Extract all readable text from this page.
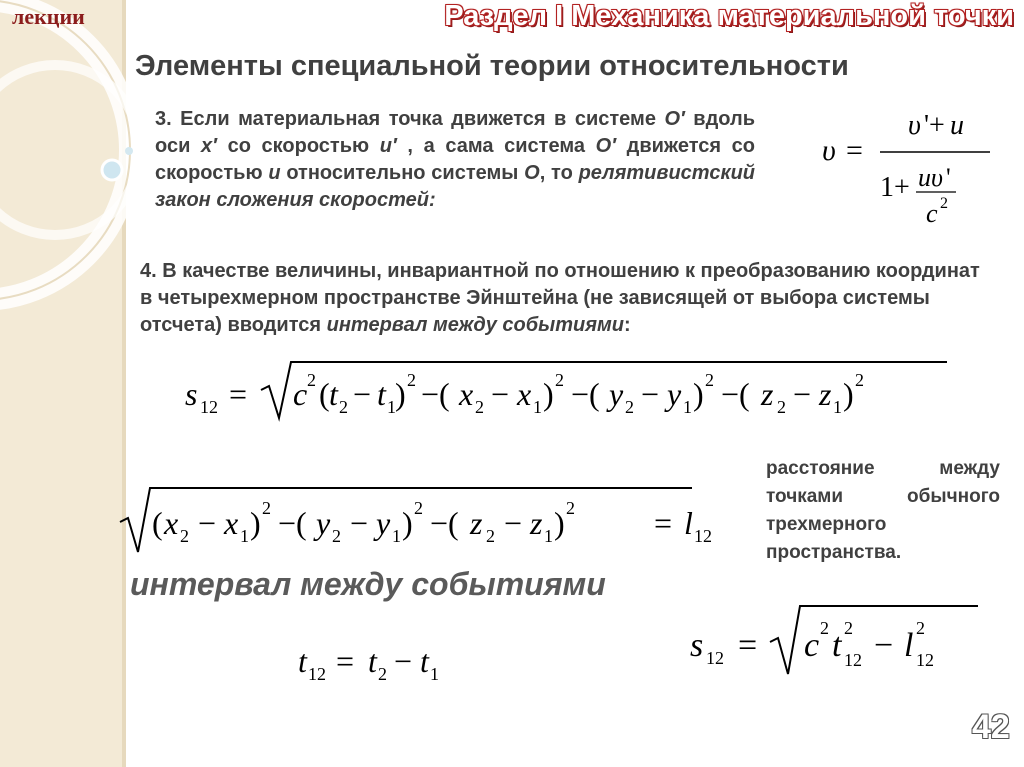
лекции	Раздел I Механика материальной точки
Элементы специальной теории относительности
3. Если материальная точка движется в системе O′ вдоль оси x′ со скоростью u′ , а сама система O′ движется со скоростью u относительно системы O, то релятивистский закон сложения скоростей:
υ =
υ '+ u
1+ uυ '
c 2
4. В качестве величины, инвариантной по отношению к преобразованию координат в четырехмерном пространстве Эйнштейна (не зависящей от выбора системы отсчета) вводится интервал между событиями:
s 12 = c 2 ( t 2 − t 1 ) 2 −( x 2 − x 1 ) 2 −( y 2 − y 1 ) 2 −( z 2 − z 1 ) 2
( x 2 − x 1 ) 2 −( y 2 − y 1 ) 2 −( z 2 − z 1 ) 2 = l 12
расстояние между точками обычного трехмерного пространства.
интервал между событиями
t 12 = t 2 − t 1
s 12 = c 2 t 2
12 − l 2
12
42
